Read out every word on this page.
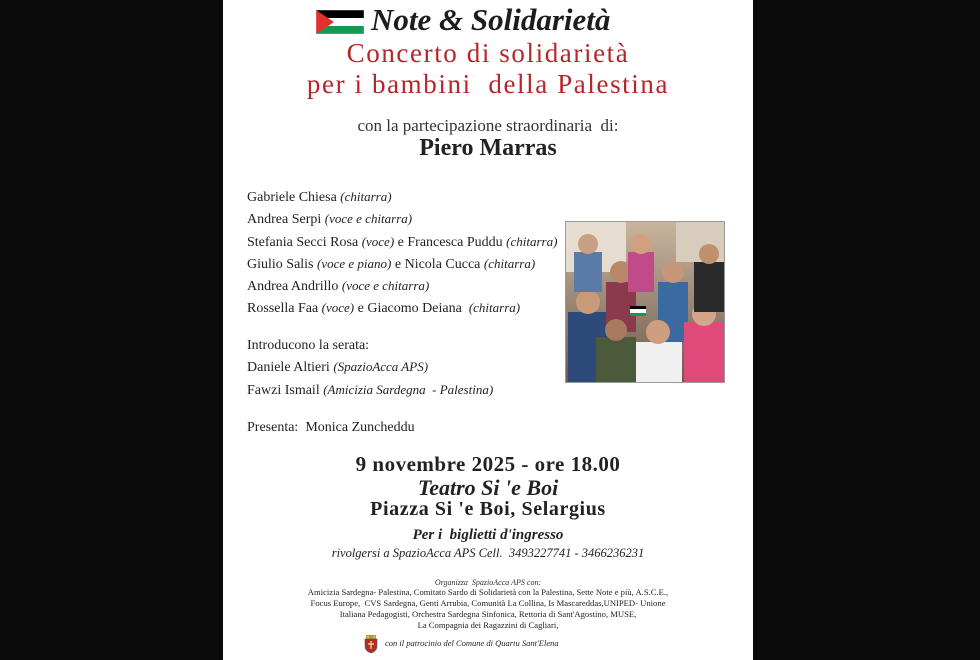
Note & Solidarietà
Concerto di solidarietà
per i bambini  della Palestina
con la partecipazione straordinaria  di:
Piero Marras
Gabriele Chiesa (chitarra)
Andrea Serpi (voce e chitarra)
Stefania Secci Rosa (voce) e Francesca Puddu (chitarra)
Giulio Salis (voce e piano) e Nicola Cucca (chitarra)
Andrea Andrillo (voce e chitarra)
Rossella Faa (voce) e Giacomo Deiana  (chitarra)
Introducono la serata:
Daniele Altieri (SpazioAcca APS)
Fawzi Ismail (Amicizia Sardegna  - Palestina)
Presenta:  Monica Zuncheddu
9 novembre 2025 - ore 18.00
Teatro Si 'e Boi
Piazza Si 'e Boi, Selargius
Per i  biglietti d'ingresso
rivolgersi a SpazioAcca APS Cell.  3493227741 - 3466236231
Organizza  SpazioAcca APS con:
Amicizia Sardegna- Palestina, Comitato Sardo di Solidarietà con la Palestina, Sette Note e più, A.S.C.E.,
Focus Europe,  CVS Sardegna, Genti Arrubia, Comunità La Collina, Is Mascareddas,UNIPED- Unione
Italiana Pedagogisti, Orchestra Sardegna Sinfonica, Rettoria di Sant'Agostino, MUSE,
La Compagnia dei Ragazzini di Cagliari,
con il patrocinio del Comune di Quartu Sant'Elena
